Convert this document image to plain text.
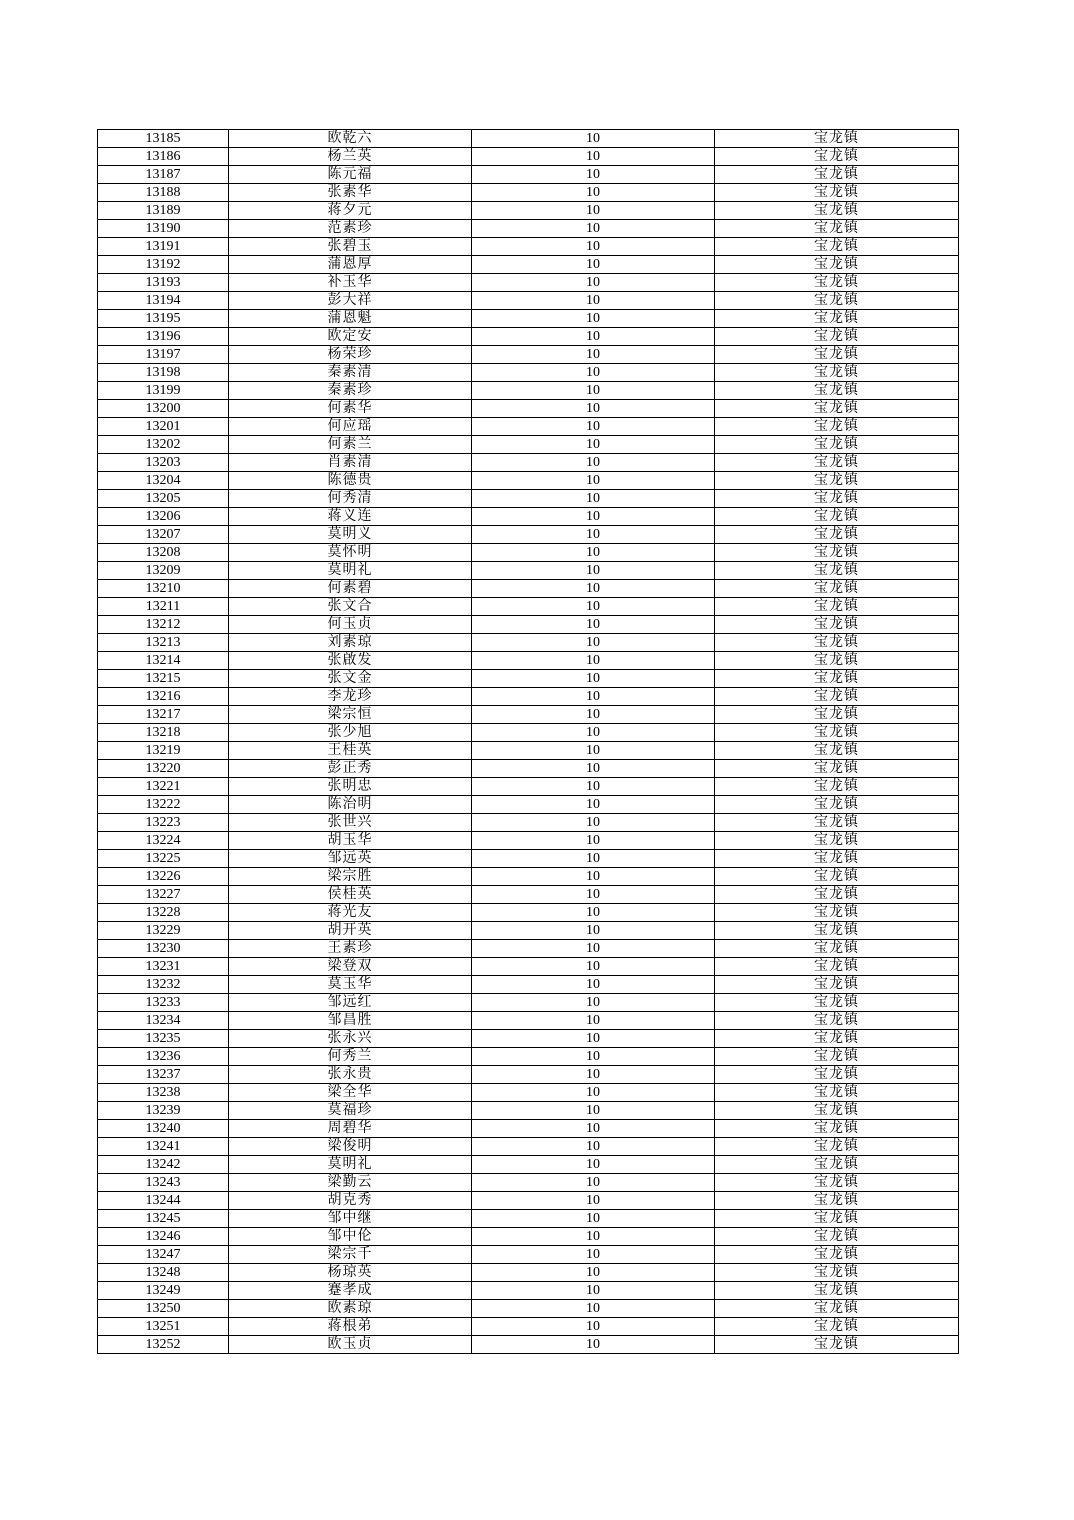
13185	欧乾六	10	宝龙镇
13186	杨兰英	10	宝龙镇
13187	陈元福	10	宝龙镇
13188	张素华	10	宝龙镇
13189	蒋夕元	10	宝龙镇
13190	范素珍	10	宝龙镇
13191	张碧玉	10	宝龙镇
13192	蒲恩厚	10	宝龙镇
13193	补玉华	10	宝龙镇
13194	彭大祥	10	宝龙镇
13195	蒲恩魁	10	宝龙镇
13196	欧定安	10	宝龙镇
13197	杨荣珍	10	宝龙镇
13198	秦素清	10	宝龙镇
13199	秦素珍	10	宝龙镇
13200	何素华	10	宝龙镇
13201	何应瑶	10	宝龙镇
13202	何素兰	10	宝龙镇
13203	肖素清	10	宝龙镇
13204	陈德贵	10	宝龙镇
13205	何秀清	10	宝龙镇
13206	蒋义连	10	宝龙镇
13207	莫明义	10	宝龙镇
13208	莫怀明	10	宝龙镇
13209	莫明礼	10	宝龙镇
13210	何素碧	10	宝龙镇
13211	张文合	10	宝龙镇
13212	何玉贞	10	宝龙镇
13213	刘素琼	10	宝龙镇
13214	张啟发	10	宝龙镇
13215	张文金	10	宝龙镇
13216	李龙珍	10	宝龙镇
13217	梁宗恒	10	宝龙镇
13218	张少旭	10	宝龙镇
13219	王桂英	10	宝龙镇
13220	彭正秀	10	宝龙镇
13221	张明忠	10	宝龙镇
13222	陈治明	10	宝龙镇
13223	张世兴	10	宝龙镇
13224	胡玉华	10	宝龙镇
13225	邹远英	10	宝龙镇
13226	梁宗胜	10	宝龙镇
13227	侯桂英	10	宝龙镇
13228	蒋光友	10	宝龙镇
13229	胡开英	10	宝龙镇
13230	王素珍	10	宝龙镇
13231	梁登双	10	宝龙镇
13232	莫玉华	10	宝龙镇
13233	邹远红	10	宝龙镇
13234	邹昌胜	10	宝龙镇
13235	张永兴	10	宝龙镇
13236	何秀兰	10	宝龙镇
13237	张永贵	10	宝龙镇
13238	梁全华	10	宝龙镇
13239	莫福珍	10	宝龙镇
13240	周碧华	10	宝龙镇
13241	梁俊明	10	宝龙镇
13242	莫明礼	10	宝龙镇
13243	梁勤云	10	宝龙镇
13244	胡克秀	10	宝龙镇
13245	邹中继	10	宝龙镇
13246	邹中伦	10	宝龙镇
13247	梁宗千	10	宝龙镇
13248	杨琼英	10	宝龙镇
13249	蹇孝成	10	宝龙镇
13250	欧素琼	10	宝龙镇
13251	蒋根弟	10	宝龙镇
13252	欧玉贞	10	宝龙镇
